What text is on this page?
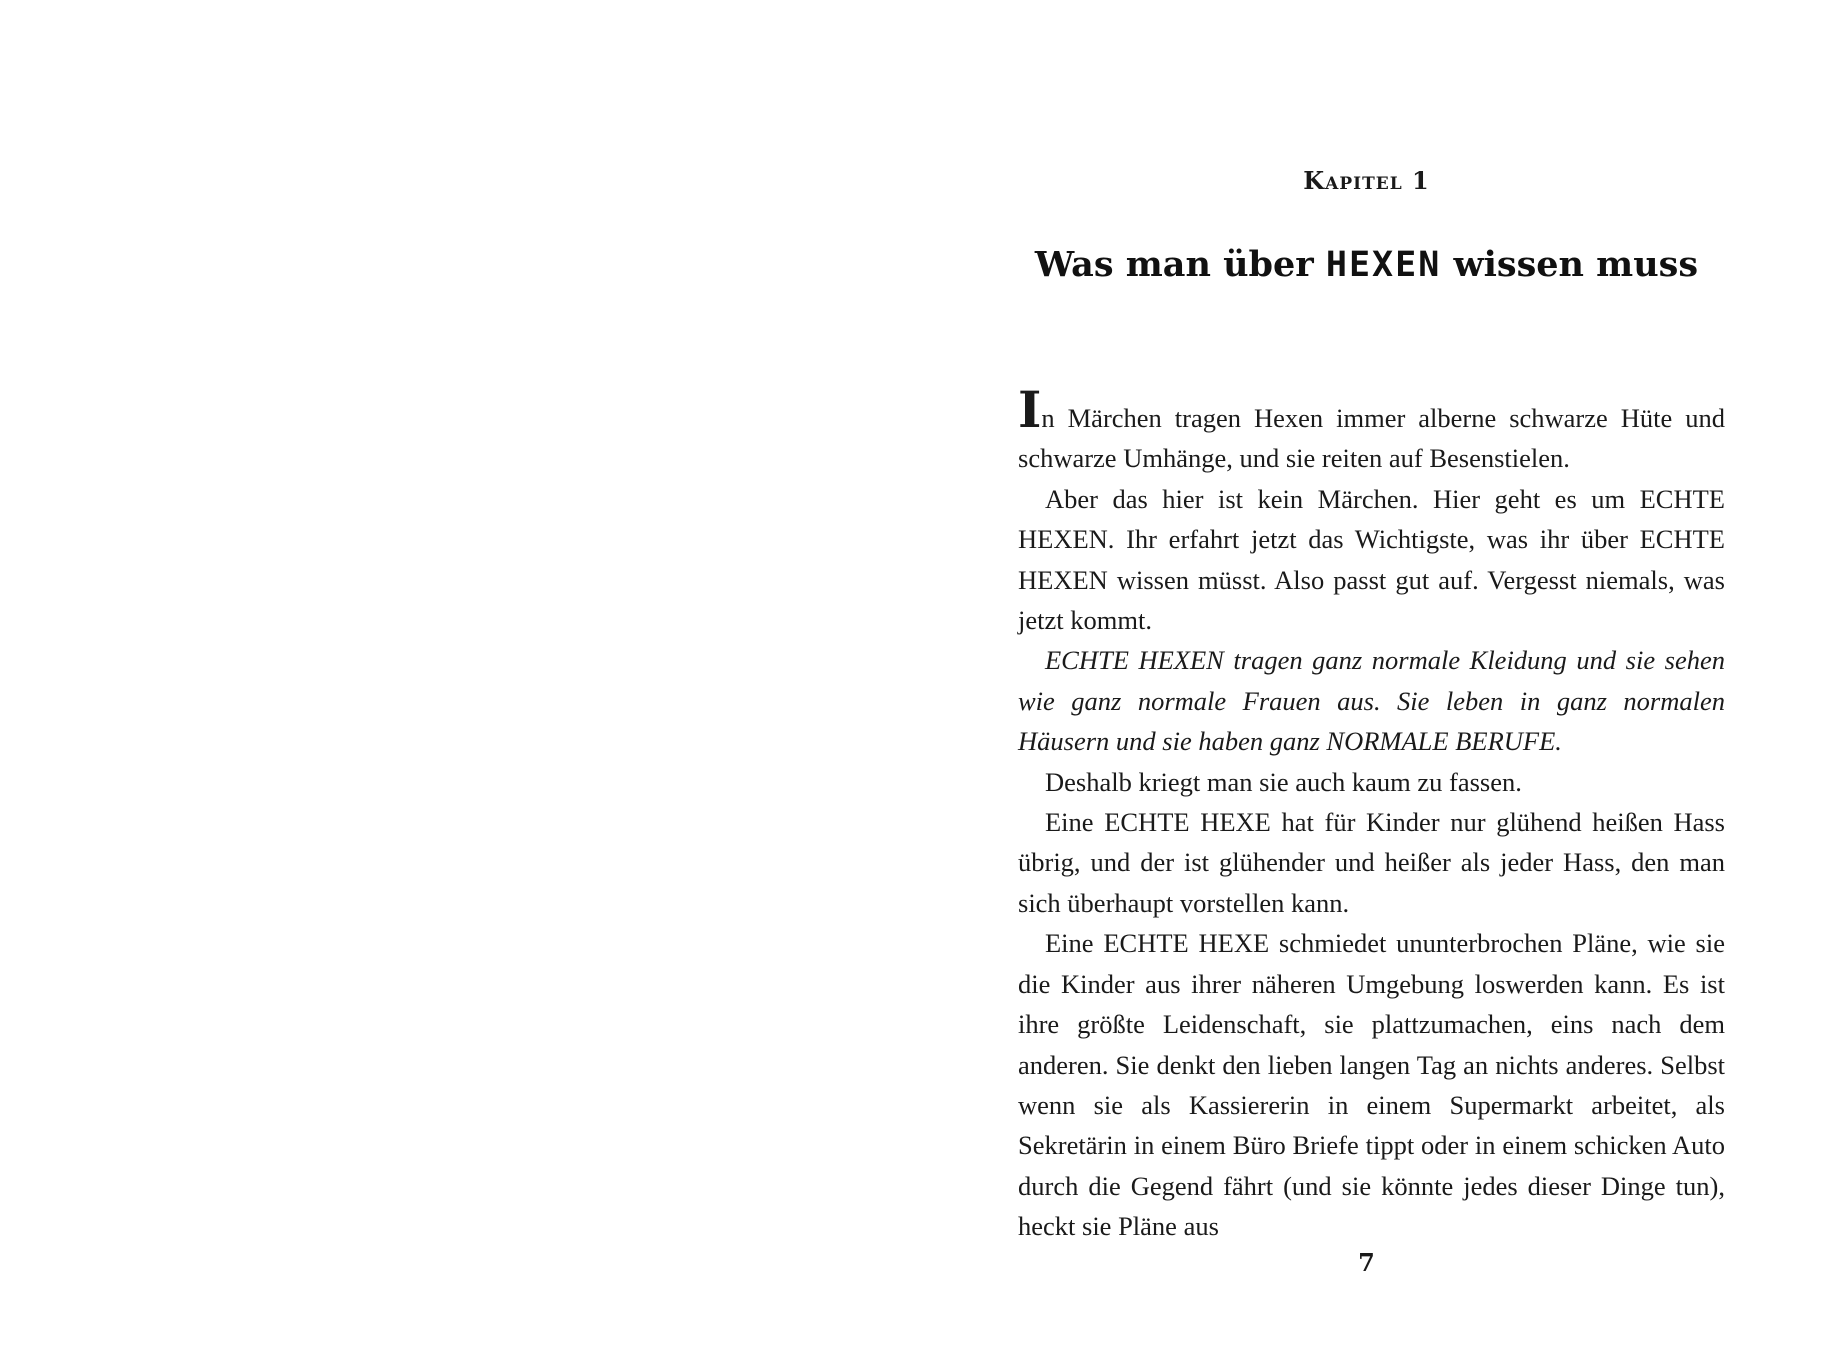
Kapitel 1
Was man über HEXEN wissen muss

In Märchen tragen Hexen immer alberne schwarze Hüte und schwarze Umhänge, und sie reiten auf Besenstielen.

Aber das hier ist kein Märchen. Hier geht es um ECHTE HEXEN. Ihr erfahrt jetzt das Wichtigste, was ihr über ECHTE HEXEN wissen müsst. Also passt gut auf. Vergesst niemals, was jetzt kommt.

ECHTE HEXEN tragen ganz normale Kleidung und sie sehen wie ganz normale Frauen aus. Sie leben in ganz normalen Häusern und sie haben ganz NORMALE BERUFE.

Deshalb kriegt man sie auch kaum zu fassen.

Eine ECHTE HEXE hat für Kinder nur glühend heißen Hass übrig, und der ist glühender und heißer als jeder Hass, den man sich überhaupt vorstellen kann.

Eine ECHTE HEXE schmiedet ununterbrochen Pläne, wie sie die Kinder aus ihrer näheren Umgebung loswerden kann. Es ist ihre größte Leidenschaft, sie plattzumachen, eins nach dem anderen. Sie denkt den lieben langen Tag an nichts anderes. Selbst wenn sie als Kassiererin in einem Supermarkt arbeitet, als Sekretärin in einem Büro Briefe tippt oder in einem schicken Auto durch die Gegend fährt (und sie könnte jedes dieser Dinge tun), heckt sie Pläne aus

7
